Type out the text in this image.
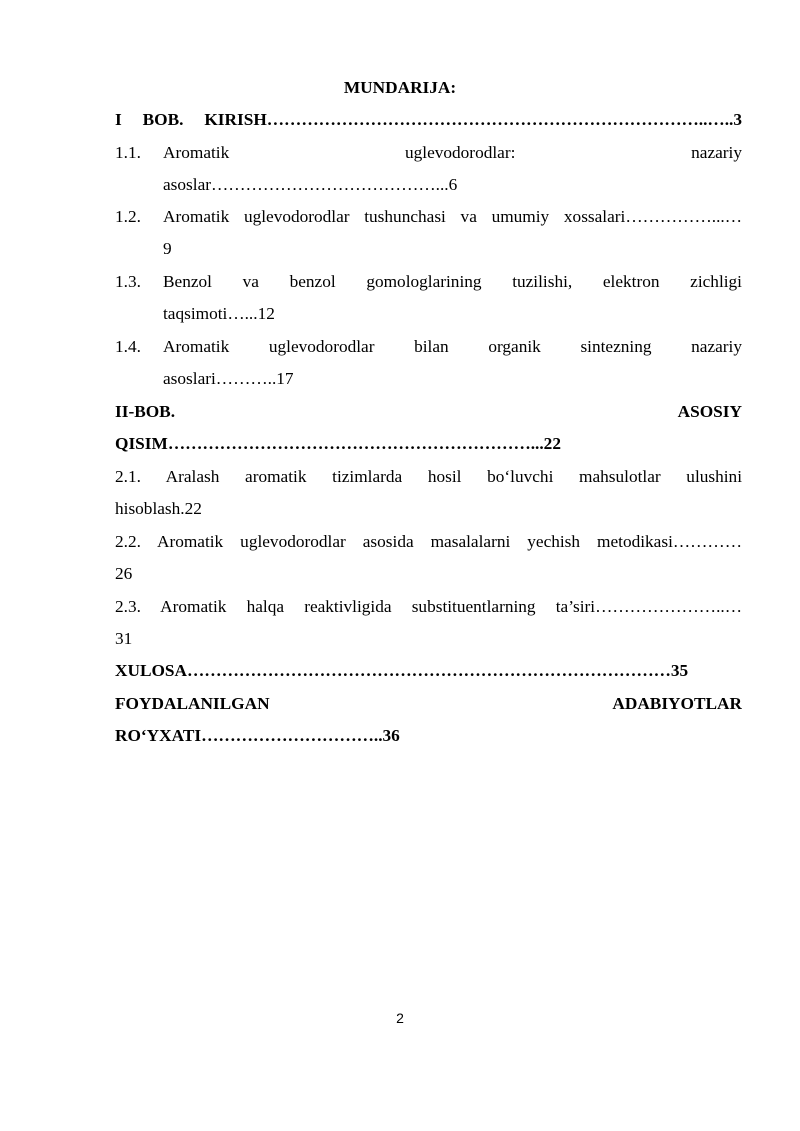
MUNDARIJA:
I BOB. KIRISH…………………………………………………………………..…..3
1.1. Aromatik uglevodorodlar: nazariy
asoslar…………………………………...6
1.2. Aromatik uglevodorodlar tushunchasi va umumiy xossalari……………...…
9
1.3. Benzol va benzol gomologlarining tuzilishi, elektron zichligi
taqsimoti…...12
1.4. Aromatik uglevodorodlar bilan organik sintezning nazariy
asoslari………..17
II-BOB. ASOSIY
QISIM………………………………………………………...22
2.1. Aralash aromatik tizimlarda hosil bo‘luvchi mahsulotlar ulushini
hisoblash.22
2.2. Aromatik uglevodorodlar asosida masalalarni yechish metodikasi…………
26
2.3. Aromatik halqa reaktivligida substituentlarning ta’siri…………………..…
31
XULOSA…………………………………………………………………………35
FOYDALANILGAN ADABIYOTLAR
RO‘YXATI…………………………..36
2
